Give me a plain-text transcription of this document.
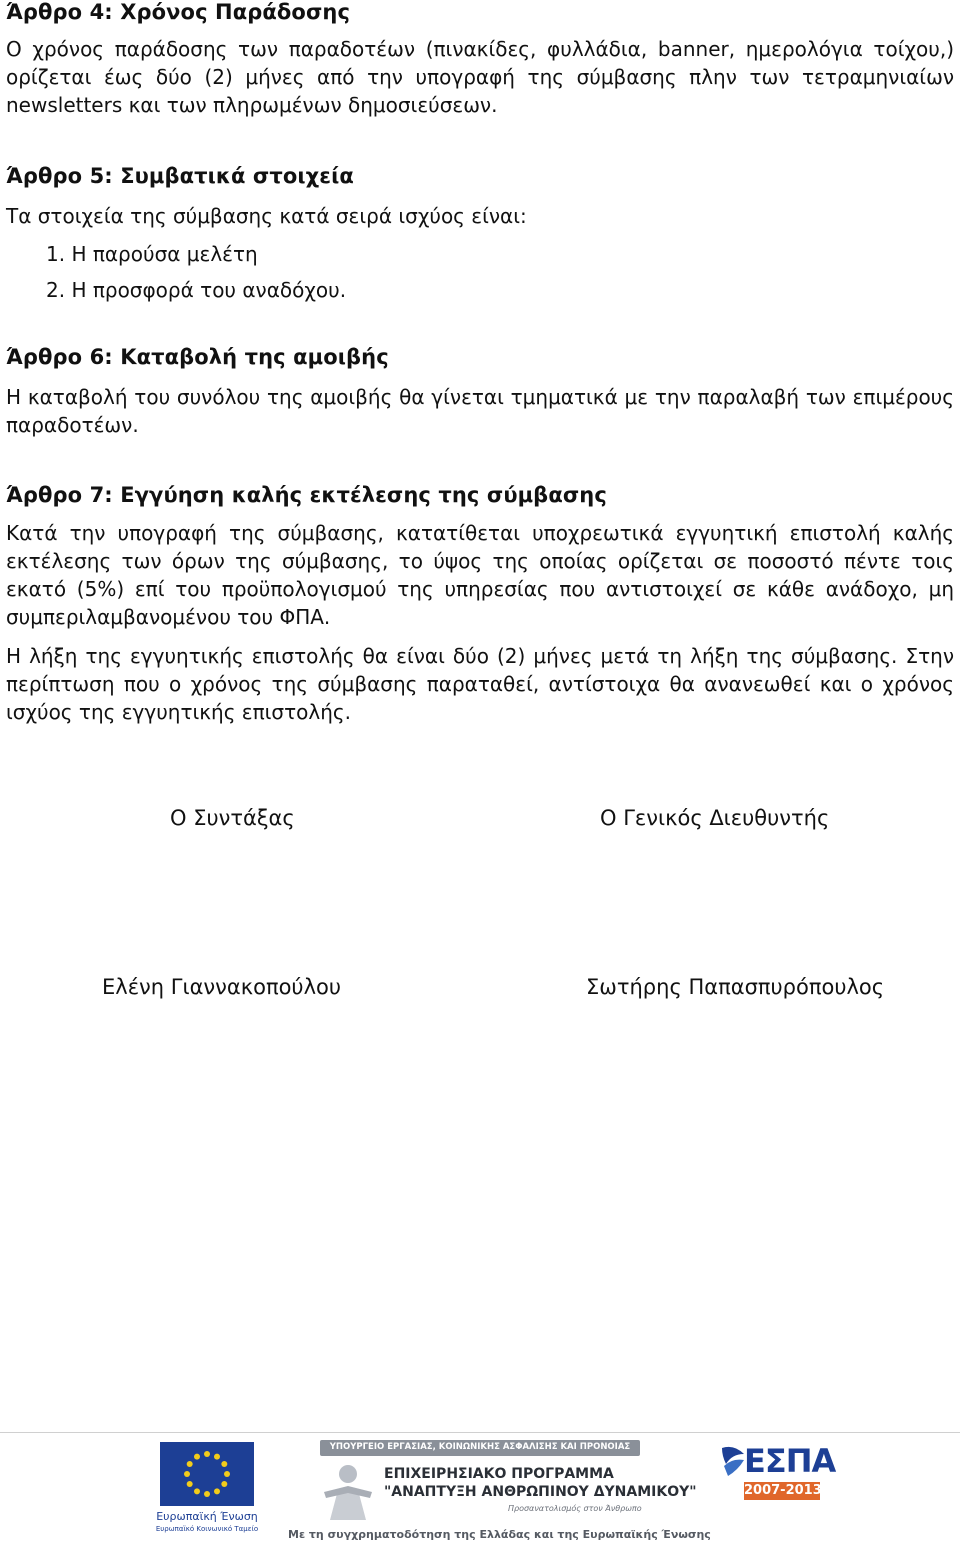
Άρθρο 4: Χρόνος Παράδοσης

Ο χρόνος παράδοσης των παραδοτέων (πινακίδες, φυλλάδια, banner, ημερολόγια τοίχου,) ορίζεται έως δύο (2) μήνες από την υπογραφή της σύμβασης πλην των τετραμηνιαίων newsletters και των πληρωμένων δημοσιεύσεων.

Άρθρο 5: Συμβατικά στοιχεία

Τα στοιχεία της σύμβασης κατά σειρά ισχύος είναι:

1. Η παρούσα μελέτη
2. Η προσφορά του αναδόχου.
Άρθρο 6: Καταβολή της αμοιβής

Η καταβολή του συνόλου της αμοιβής θα γίνεται τμηματικά με την παραλαβή των επιμέρους παραδοτέων.

Άρθρο 7: Εγγύηση καλής εκτέλεσης της σύμβασης

Κατά την υπογραφή της σύμβασης, κατατίθεται υποχρεωτικά εγγυητική επιστολή καλής εκτέλεσης των όρων της σύμβασης, το ύψος της οποίας ορίζεται σε ποσοστό πέντε τοις εκατό (5%) επί του προϋπολογισμού της υπηρεσίας που αντιστοιχεί σε κάθε ανάδοχο, μη συμπεριλαμβανομένου του ΦΠΑ.

Η λήξη της εγγυητικής επιστολής θα είναι δύο (2) μήνες μετά τη λήξη της σύμβασης. Στην περίπτωση που ο χρόνος της σύμβασης παραταθεί, αντίστοιχα θα ανανεωθεί και ο χρόνος ισχύος της εγγυητικής επιστολής.

Ο Συντάξας	Ο Γενικός Διευθυντής
Ελένη Γιαννακοπούλου	Σωτήρης Παπασπυρόπουλος
Ευρωπαϊκή Ένωση
Ευρωπαϊκό Κοινωνικό Ταμείο
ΥΠΟΥΡΓΕΙΟ ΕΡΓΑΣΙΑΣ, ΚΟΙΝΩΝΙΚΗΣ ΑΣΦΑΛΙΣΗΣ ΚΑΙ ΠΡΟΝΟΙΑΣ
ΕΠΙΧΕΙΡΗΣΙΑΚΟ ΠΡΟΓΡΑΜΜΑ
"ΑΝΑΠΤΥΞΗ ΑΝΘΡΩΠΙΝΟΥ ΔΥΝΑΜΙΚΟΥ"
Προσανατολισμός στον Άνθρωπο
Με τη συγχρηματοδότηση της Ελλάδας και της Ευρωπαϊκής Ένωσης
ΕΣΠΑ
2007-2013
